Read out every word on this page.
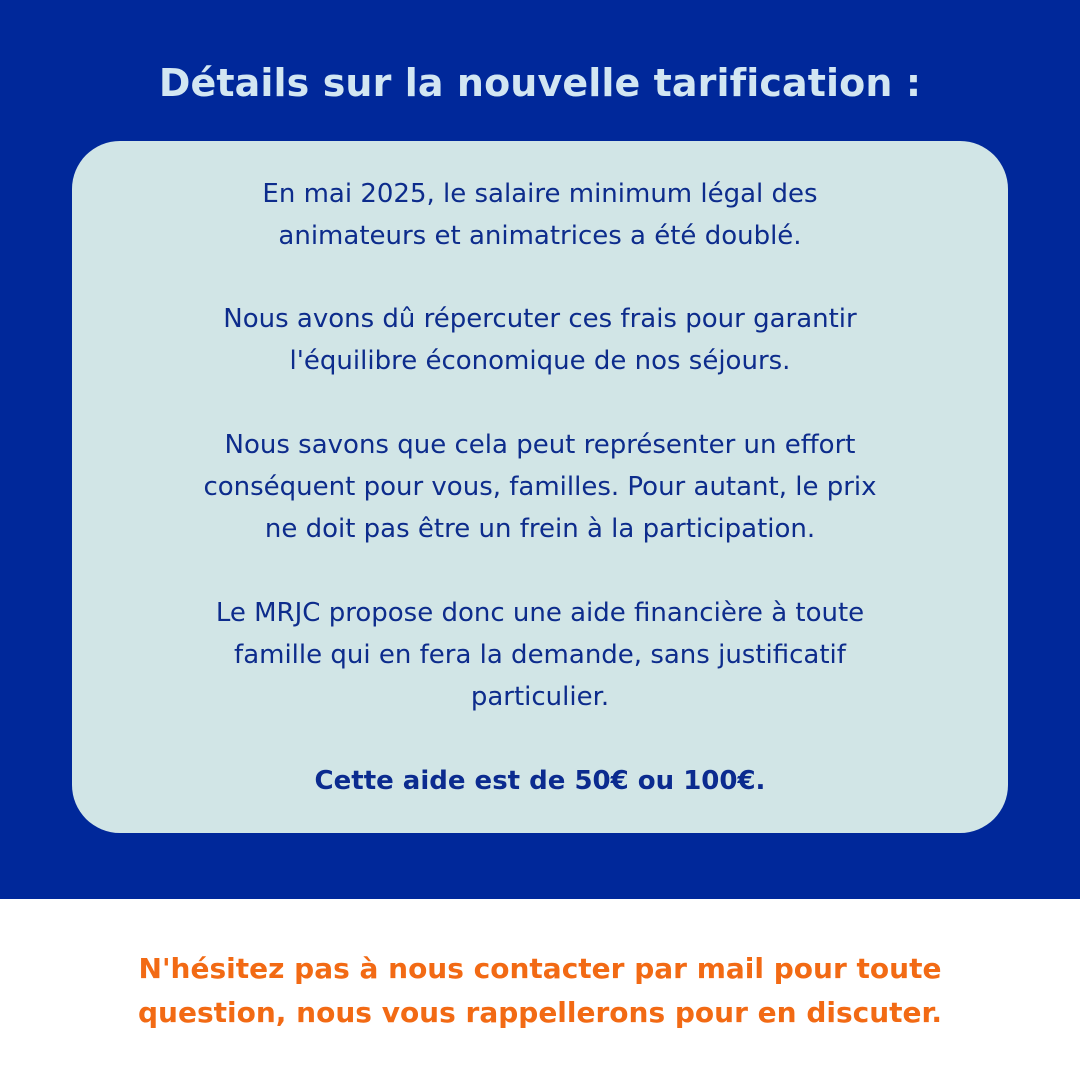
Détails sur la nouvelle tarification :

En mai 2025, le salaire minimum légal des
animateurs et animatrices a été doublé.

Nous avons dû répercuter ces frais pour garantir
l'équilibre économique de nos séjours.

Nous savons que cela peut représenter un effort
conséquent pour vous, familles. Pour autant, le prix
ne doit pas être un frein à la participation.

Le MRJC propose donc une aide financière à toute
famille qui en fera la demande, sans justificatif
particulier.

Cette aide est de 50€ ou 100€.

N'hésitez pas à nous contacter par mail pour toute
question, nous vous rappellerons pour en discuter.
